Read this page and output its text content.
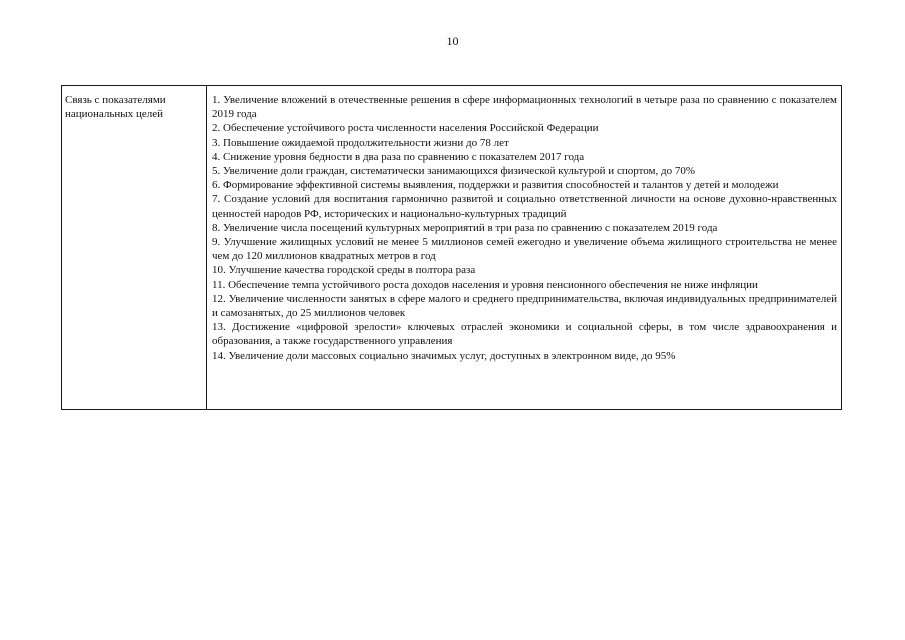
10
Связь с показателями национальных целей

1. Увеличение вложений в отечественные решения в сфере информационных технологий в четыре раза по сравнению с показателем 2019 года

2. Обеспечение устойчивого роста численности населения Российской Федерации

3. Повышение ожидаемой продолжительности жизни до 78 лет

4. Снижение уровня бедности в два раза по сравнению с показателем 2017 года

5. Увеличение доли граждан, систематически занимающихся физической культурой и спортом, до 70%

6. Формирование эффективной системы выявления, поддержки и развития способностей и талантов у детей и молодежи

7. Создание условий для воспитания гармонично развитой и социально ответственной личности на основе духовно-нравственных ценностей народов РФ, исторических и национально-культурных традиций

8. Увеличение числа посещений культурных мероприятий в три раза по сравнению с показателем 2019 года

9. Улучшение жилищных условий не менее 5 миллионов семей ежегодно и увеличение объема жилищного строительства не менее чем до 120 миллионов квадратных метров в год

10. Улучшение качества городской среды в полтора раза

11. Обеспечение темпа устойчивого роста доходов населения и уровня пенсионного обеспечения не ниже инфляции

12. Увеличение численности занятых в сфере малого и среднего предпринимательства, включая индивидуальных предпринимателей и самозанятых, до 25 миллионов человек

13. Достижение «цифровой зрелости» ключевых отраслей экономики и социальной сферы, в том числе здравоохранения и образования, а также государственного управления

14. Увеличение доли массовых социально значимых услуг, доступных в электронном виде, до 95%
